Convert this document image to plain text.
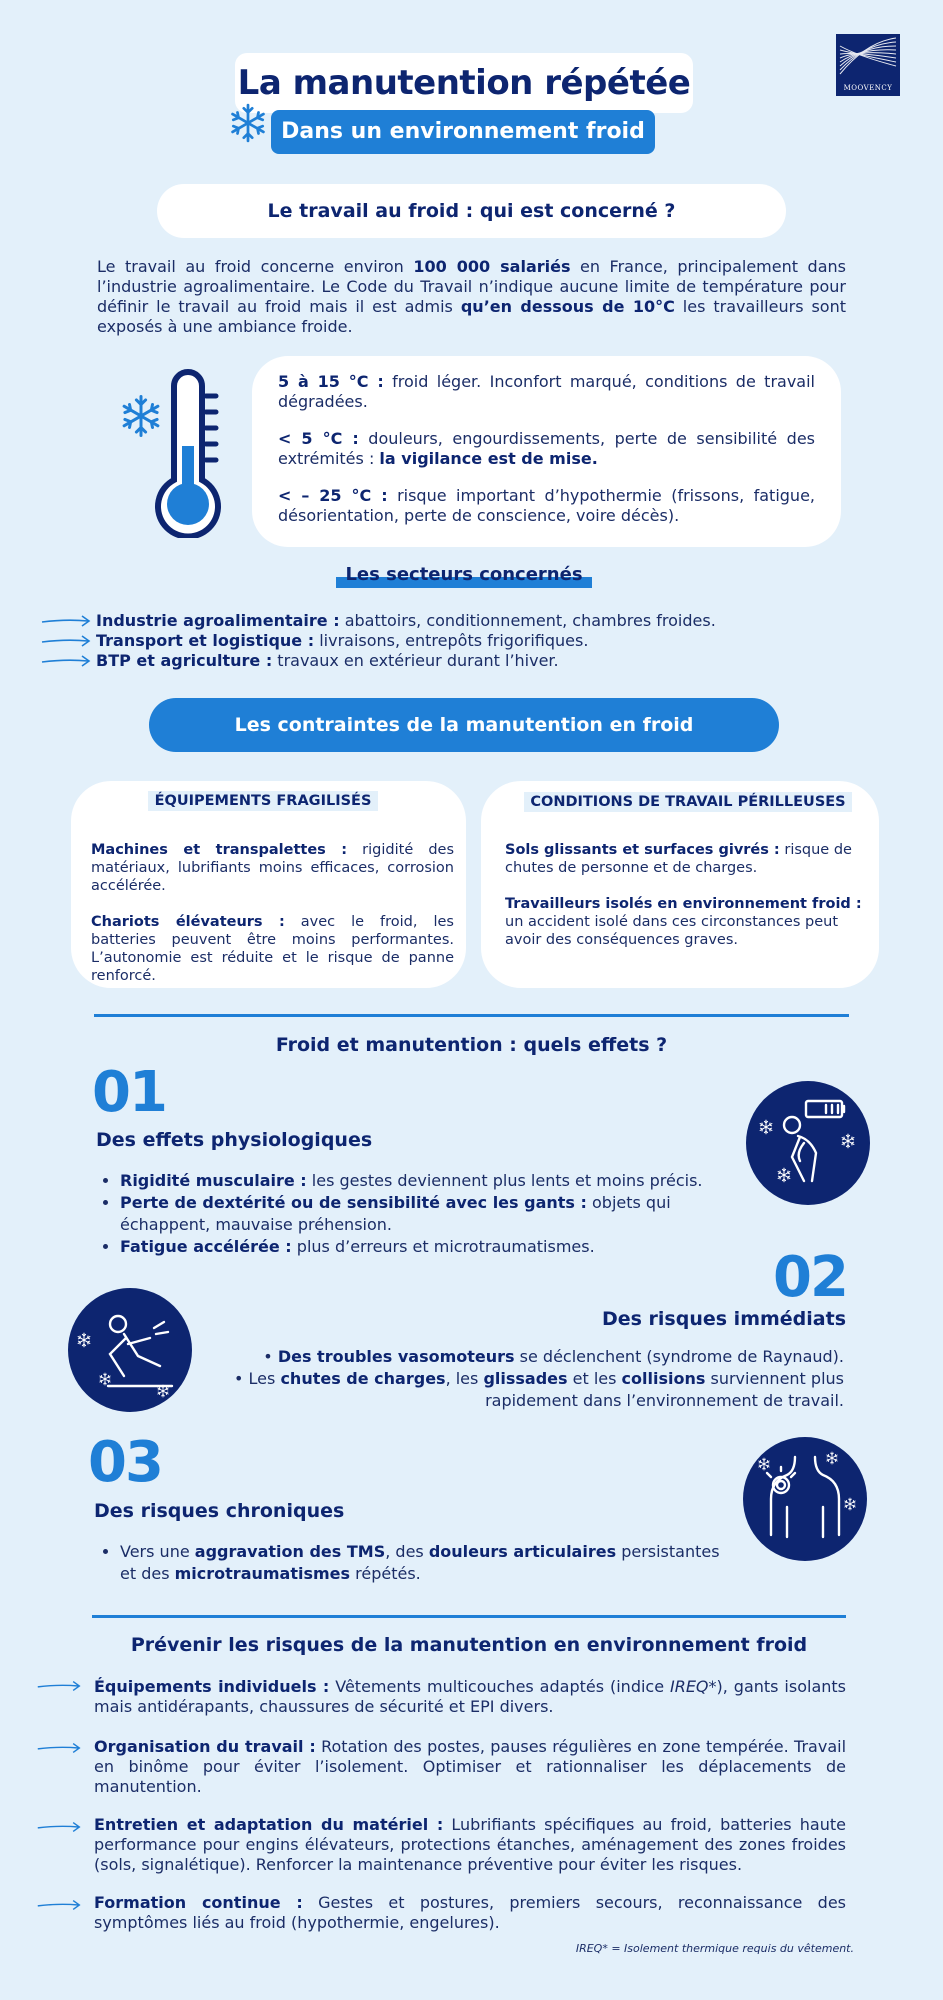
La manutention répétée
Dans un environnement froid
MOOVENCY
Le travail au froid : qui est concerné ?
Le travail au froid concerne environ 100 000 salariés en France, principalement dans l’industrie agroalimentaire. Le Code du Travail n’indique aucune limite de température pour définir le travail au froid mais il est admis qu’en dessous de 10°C les travailleurs sont exposés à une ambiance froide.

5 à 15 °C : froid léger. Inconfort marqué, conditions de travail dégradées.

< 5 °C : douleurs, engourdissements, perte de sensibilité des extrémités : la vigilance est de mise.

< – 25 °C : risque important d’hypothermie (frissons, fatigue, désorientation, perte de conscience, voire décès).

Les secteurs concernés
Industrie agroalimentaire : abattoirs, conditionnement, chambres froides.
Transport et logistique : livraisons, entrepôts frigorifiques.
BTP et agriculture : travaux en extérieur durant l’hiver.
Les contraintes de la manutention en froid

Machines et transpalettes : rigidité des matériaux, lubrifiants moins efficaces, corrosion accélérée.

Chariots élévateurs : avec le froid, les batteries peuvent être moins performantes. L’autonomie est réduite et le risque de panne renforcé.

ÉQUIPEMENTS FRAGILISÉS

Sols glissants et surfaces givrés : risque de chutes de personne et de charges.

Travailleurs isolés en environnement froid : un accident isolé dans ces circonstances peut avoir des conséquences graves.

CONDITIONS DE TRAVAIL PÉRILLEUSES
Froid et manutention : quels effets ?
01
Des effets physiologiques
• Rigidité musculaire : les gestes deviennent plus lents et moins précis.
• Perte de dextérité ou de sensibilité avec les gants : objets qui échappent, mauvaise préhension.
• Fatigue accélérée : plus d’erreurs et microtraumatismes.	02
Des risques immédiats
• Des troubles vasomoteurs se déclenchent (syndrome de Raynaud).
• Les chutes de charges, les glissades et les collisions surviennent plus rapidement dans l’environnement de travail.
03
Des risques chroniques
• Vers une aggravation des TMS, des douleurs articulaires persistantes et des microtraumatismes répétés.
Prévenir les risques de la manutention en environnement froid
Équipements individuels : Vêtements multicouches adaptés (indice IREQ*), gants isolants mais antidérapants, chaussures de sécurité et EPI divers.
Organisation du travail : Rotation des postes, pauses régulières en zone tempérée. Travail en binôme pour éviter l’isolement. Optimiser et rationnaliser les déplacements de manutention.
Entretien et adaptation du matériel : Lubrifiants spécifiques au froid, batteries haute performance pour engins élévateurs, protections étanches, aménagement des zones froides (sols, signalétique). Renforcer la maintenance préventive pour éviter les risques.
Formation continue : Gestes et postures, premiers secours, reconnaissance des symptômes liés au froid (hypothermie, engelures).
IREQ* = Isolement thermique requis du vêtement.
